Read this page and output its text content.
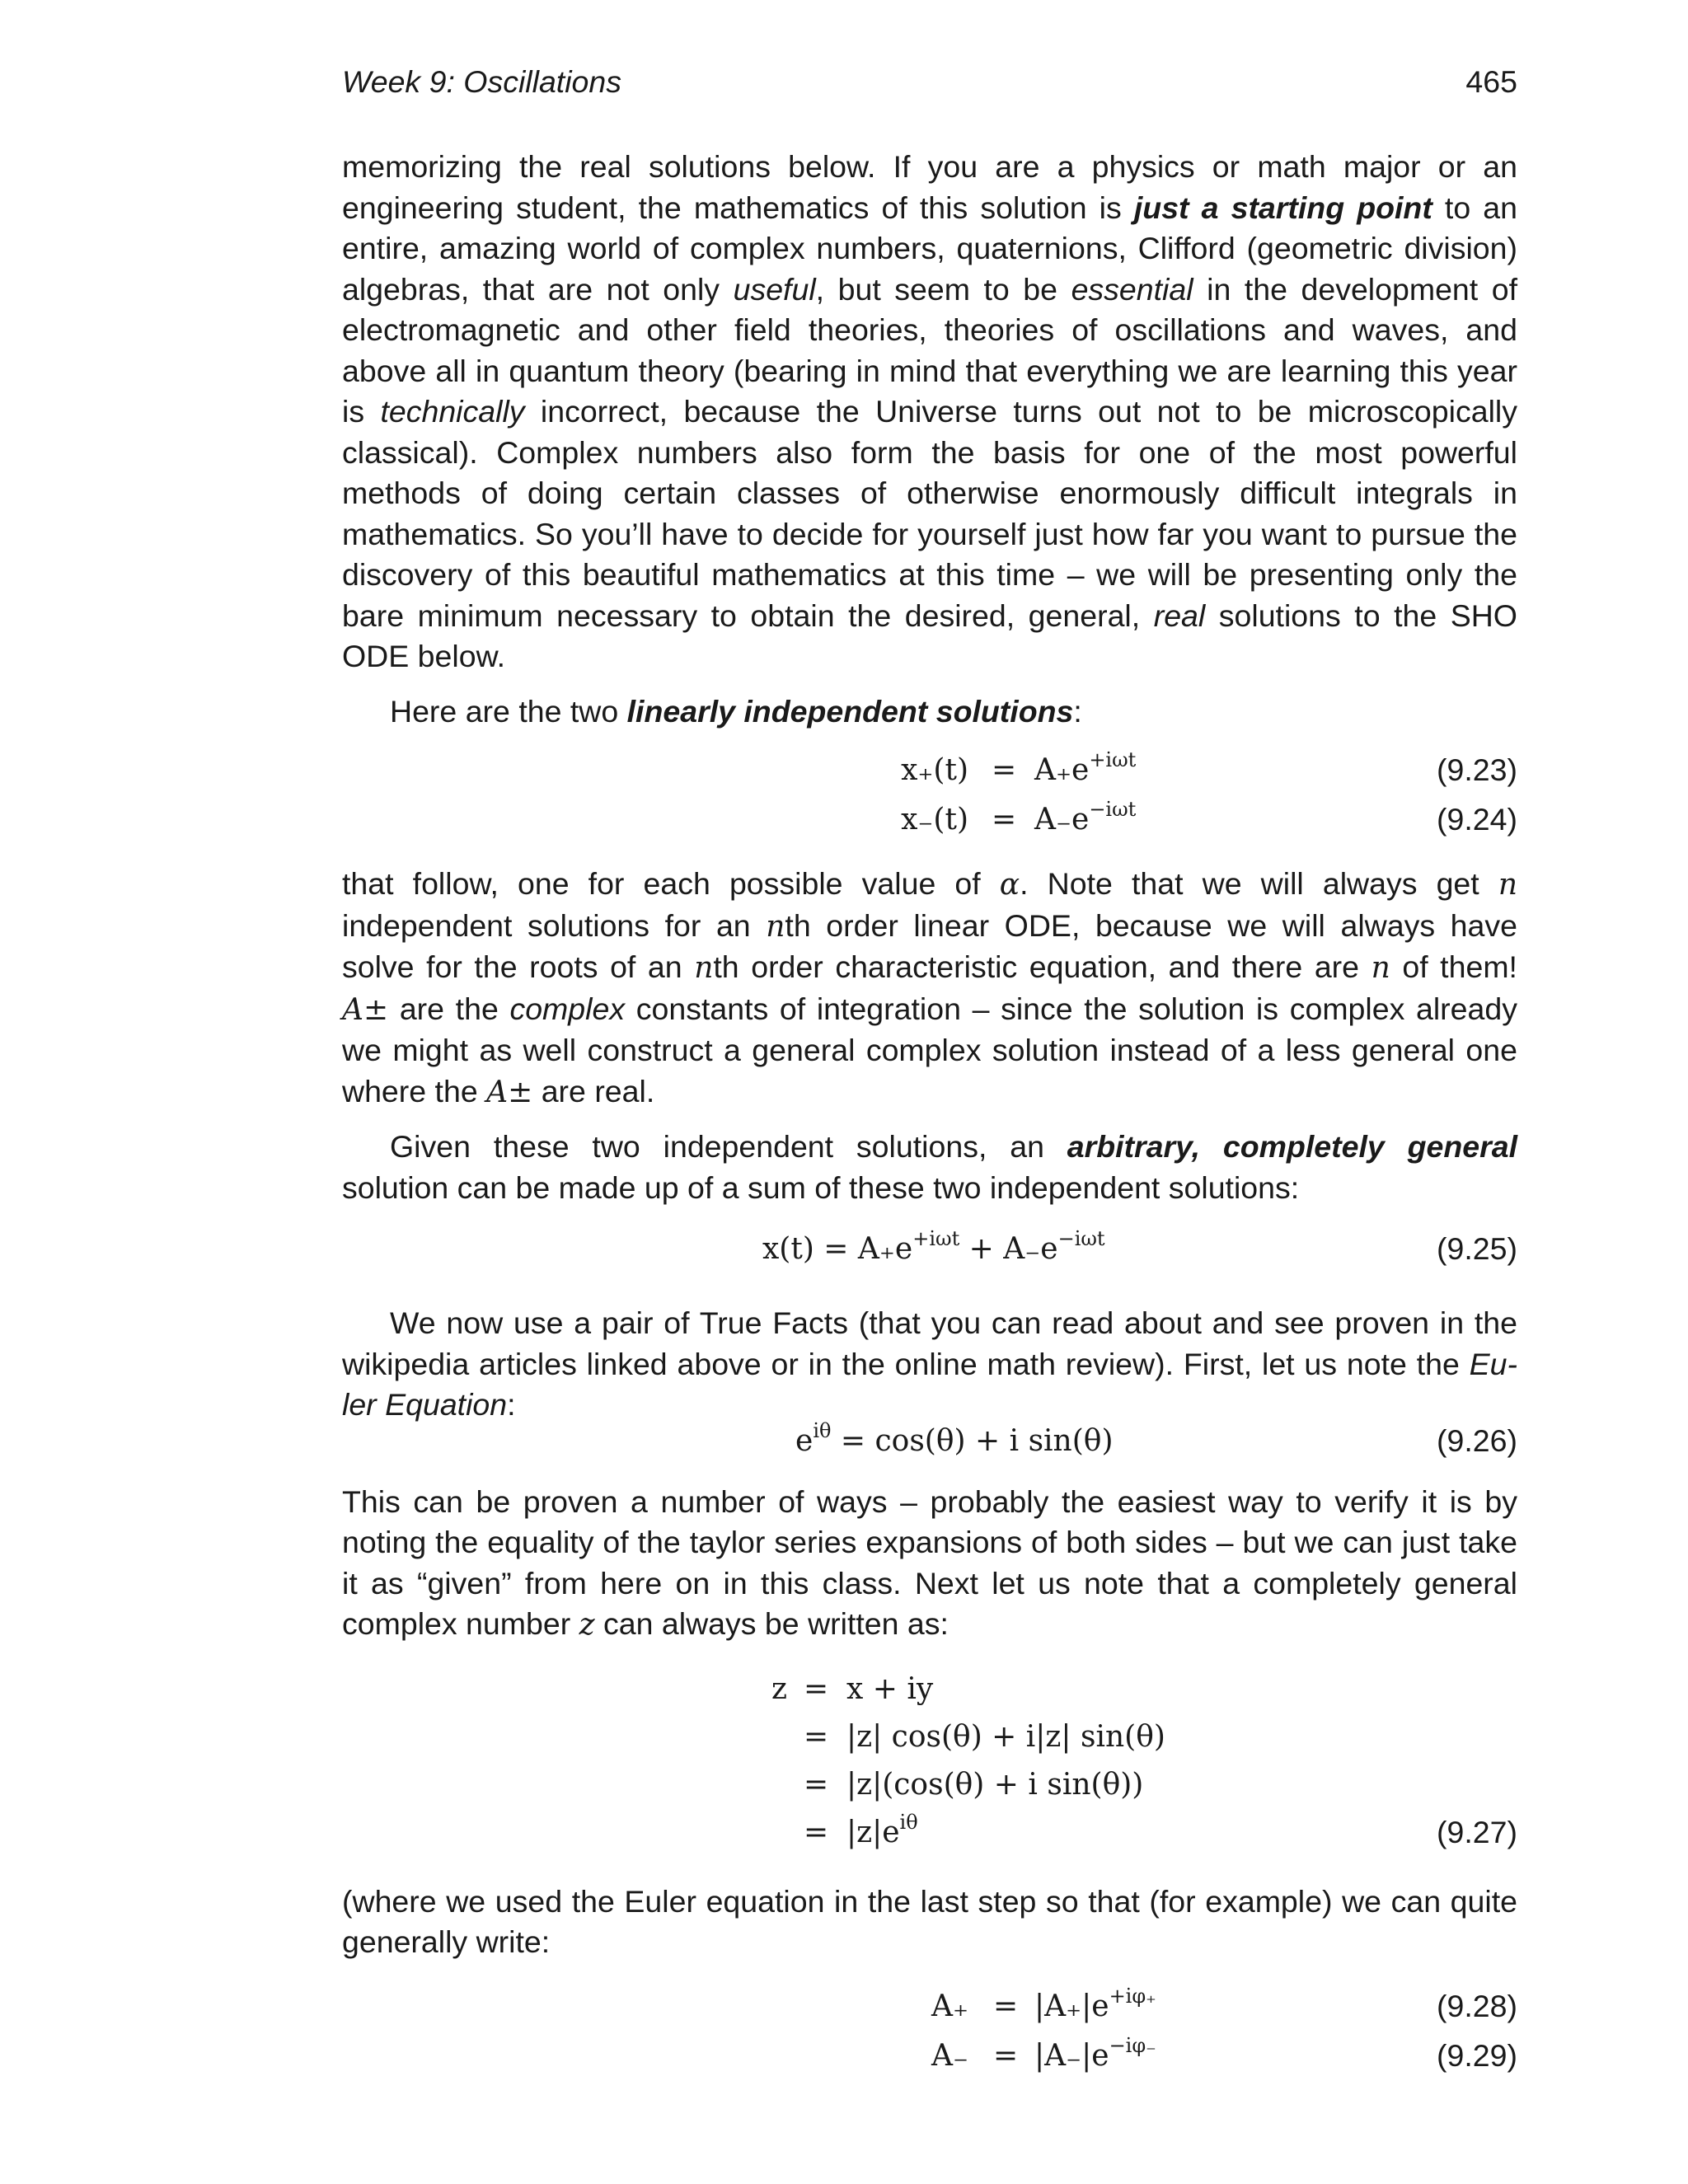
Week 9: Oscillations	465

memorizing the real solutions below. If you are a physics or math major or an engineering student, the mathematics of this solution is just a starting point to an entire, amazing world of complex numbers, quaternions, Clifford (geometric division) algebras, that are not only useful, but seem to be essential in the development of electromagnetic and other field theories, theories of oscillations and waves, and above all in quantum theory (bearing in mind that everything we are learning this year is technically incorrect, because the Universe turns out not to be microscopically classical). Complex numbers also form the basis for one of the most powerful methods of doing certain classes of otherwise enormously difficult integrals in mathematics. So you’ll have to decide for yourself just how far you want to pursue the discovery of this beautiful mathematics at this time – we will be presenting only the bare minimum necessary to obtain the desired, general, real solutions to the SHO ODE below.

Here are the two linearly independent solutions:

$x_+(t) = A_+e^{+i\omega t}$	(9.23)
$x_-(t) = A_-e^{-i\omega t}$	(9.24)

that follow, one for each possible value of α. Note that we will always get n independent solutions for an nth order linear ODE, because we will always have solve for the roots of an nth order characteristic equation, and there are n of them! A± are the complex constants of integration – since the solution is complex already we might as well construct a general complex solution instead of a less general one where the A± are real.

Given these two independent solutions, an arbitrary, completely general solution can be made up of a sum of these two independent solutions:

$x(t) = A_+e^{+i\omega t} + A_-e^{-i\omega t}$	(9.25)

We now use a pair of True Facts (that you can read about and see proven in the wikipedia articles linked above or in the online math review). First, let us note the Euler Equation:

$e^{i\theta} = \cos(\theta) + i$ sin(θ)	(9.26)

This can be proven a number of ways – probably the easiest way to verify it is by noting the equality of the taylor series expansions of both sides – but we can just take it as “given” from here on in this class. Next let us note that a completely general complex number z can always be written as:

z = x + iy
= |z| cos(θ) + i|z| sin(θ)
= |z|(cos(θ) + i sin(θ))
= $|z|e^{i\theta}$	(9.27)

(where we used the Euler equation in the last step so that (for example) we can quite generally write:

$A_+ = |A_+|e^{+i\varphi_+}$	(9.28)
$A_- = |A_-|e^{-i\varphi_-}$	(9.29)
